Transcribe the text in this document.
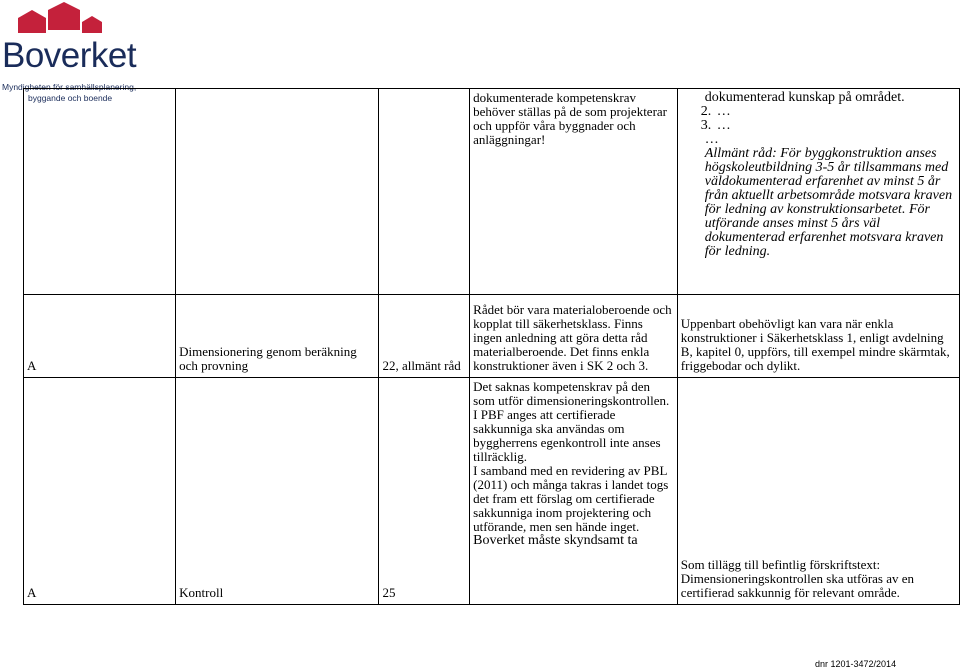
Boverket
Myndigheten för samhällsplanering,
byggande och boende

			dokumenterade kompetenskrav behöver ställas på de som projekterar och uppför våra byggnader och anläggningar!	dokumenterad kunskap på området.
2. …
3. …
…
Allmänt råd: För byggkonstruktion anses högskoleutbildning 3-5 år tillsammans med väldokumenterad erfarenhet av minst 5 år från aktuellt arbetsområde motsvara kraven för ledning av konstruktionsarbetet. För utförande anses minst 5 års väl dokumenterad erfarenhet motsvara kraven för ledning.

A	Dimensionering genom beräkning och provning	22, allmänt råd	Rådet bör vara materialoberoende och kopplat till säkerhetsklass. Finns ingen anledning att göra detta råd materialberoende. Det finns enkla konstruktioner även i SK 2 och 3.	Uppenbart obehövligt kan vara när enkla konstruktioner i Säkerhetsklass 1, enligt avdelning B, kapitel 0, uppförs, till exempel mindre skärmtak, friggebodar och dylikt.

A	Kontroll	25	Det saknas kompetenskrav på den som utför dimensioneringskontrollen.
I PBF anges att certifierade sakkunniga ska användas om byggherrens egenkontroll inte anses tillräcklig.
I samband med en revidering av PBL (2011) och många takras i landet togs det fram ett förslag om certifierade sakkunniga inom projektering och utförande, men sen hände inget.
Boverket måste skyndsamt ta	Som tillägg till befintlig förskriftstext: Dimensioneringskontrollen ska utföras av en certifierad sakkunnig för relevant område.
dnr 1201-3472/2014
